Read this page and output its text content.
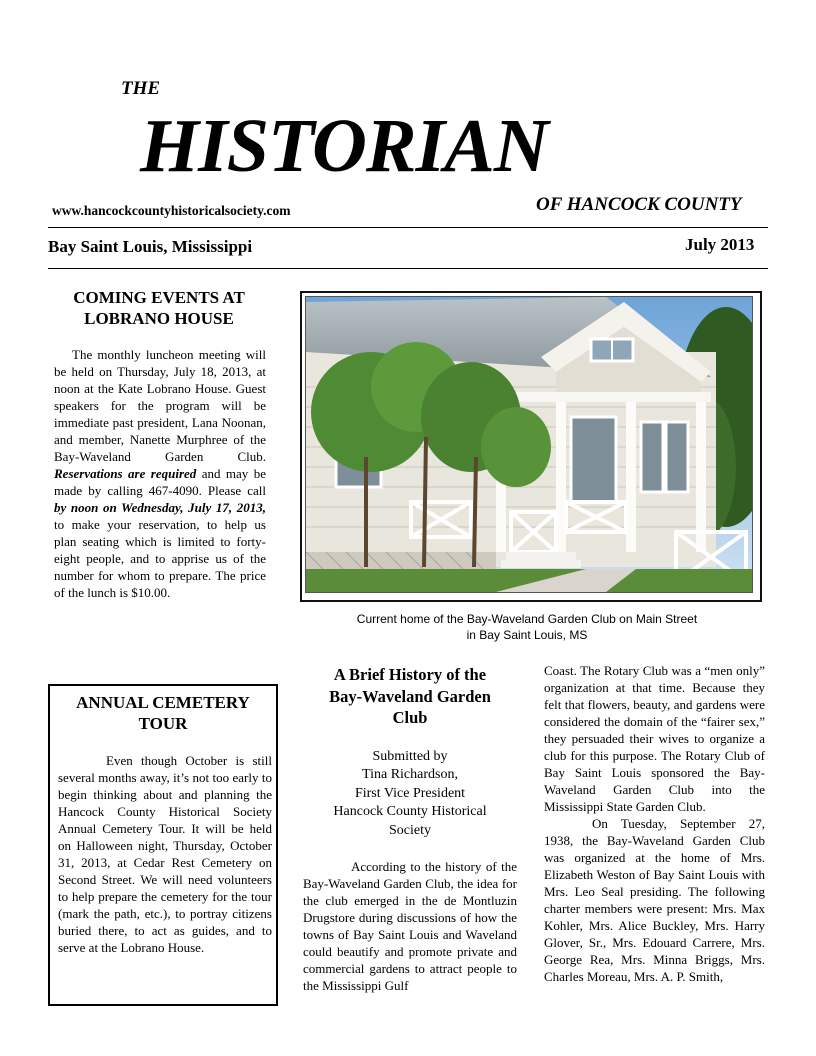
THE
HISTORIAN
www.hancockcountyhistoricalsociety.com	OF HANCOCK COUNTY
Bay Saint Louis, Mississippi	July 2013
COMING EVENTS AT
LOBRANO HOUSE
The monthly luncheon meeting will be held on Thursday, July 18, 2013, at noon at the Kate Lobrano House. Guest speakers for the program will be immediate past president, Lana Noonan, and member, Nanette Murphree of the Bay-Waveland Garden Club. Reservations are required and may be made by calling 467-4090. Please call by noon on Wednesday, July 17, 2013, to make your reservation, to help us plan seating which is limited to forty-eight people, and to apprise us of the number for whom to prepare. The price of the lunch is $10.00.
Current home of the Bay-Waveland Garden Club on Main Street
in Bay Saint Louis, MS
ANNUAL CEMETERY
TOUR
Even though October is still several months away, it’s not too early to begin thinking about and planning the Hancock County Historical Society Annual Cemetery Tour. It will be held on Halloween night, Thursday, October 31, 2013, at Cedar Rest Cemetery on Second Street. We will need volunteers to help prepare the cemetery for the tour (mark the path, etc.), to portray citizens buried there, to act as guides, and to serve at the Lobrano House.
A Brief History of the
Bay-Waveland Garden
Club
Submitted by
Tina Richardson,
First Vice President
Hancock County Historical
Society
According to the history of the Bay-Waveland Garden Club, the idea for the club emerged in the de Montluzin Drugstore during discussions of how the towns of Bay Saint Louis and Waveland could beautify and promote private and commercial gardens to attract people to the Mississippi Gulf
Coast. The Rotary Club was a “men only” organization at that time. Because they felt that flowers, beauty, and gardens were considered the domain of the “fairer sex,” they persuaded their wives to organize a club for this purpose. The Rotary Club of Bay Saint Louis sponsored the Bay-Waveland Garden Club into the Mississippi State Garden Club.
On Tuesday, September 27, 1938, the Bay-Waveland Garden Club was organized at the home of Mrs. Elizabeth Weston of Bay Saint Louis with Mrs. Leo Seal presiding. The following charter members were present: Mrs. Max Kohler, Mrs. Alice Buckley, Mrs. Harry Glover, Sr., Mrs. Edouard Carrere, Mrs. George Rea, Mrs. Minna Briggs, Mrs. Charles Moreau, Mrs. A. P. Smith,
